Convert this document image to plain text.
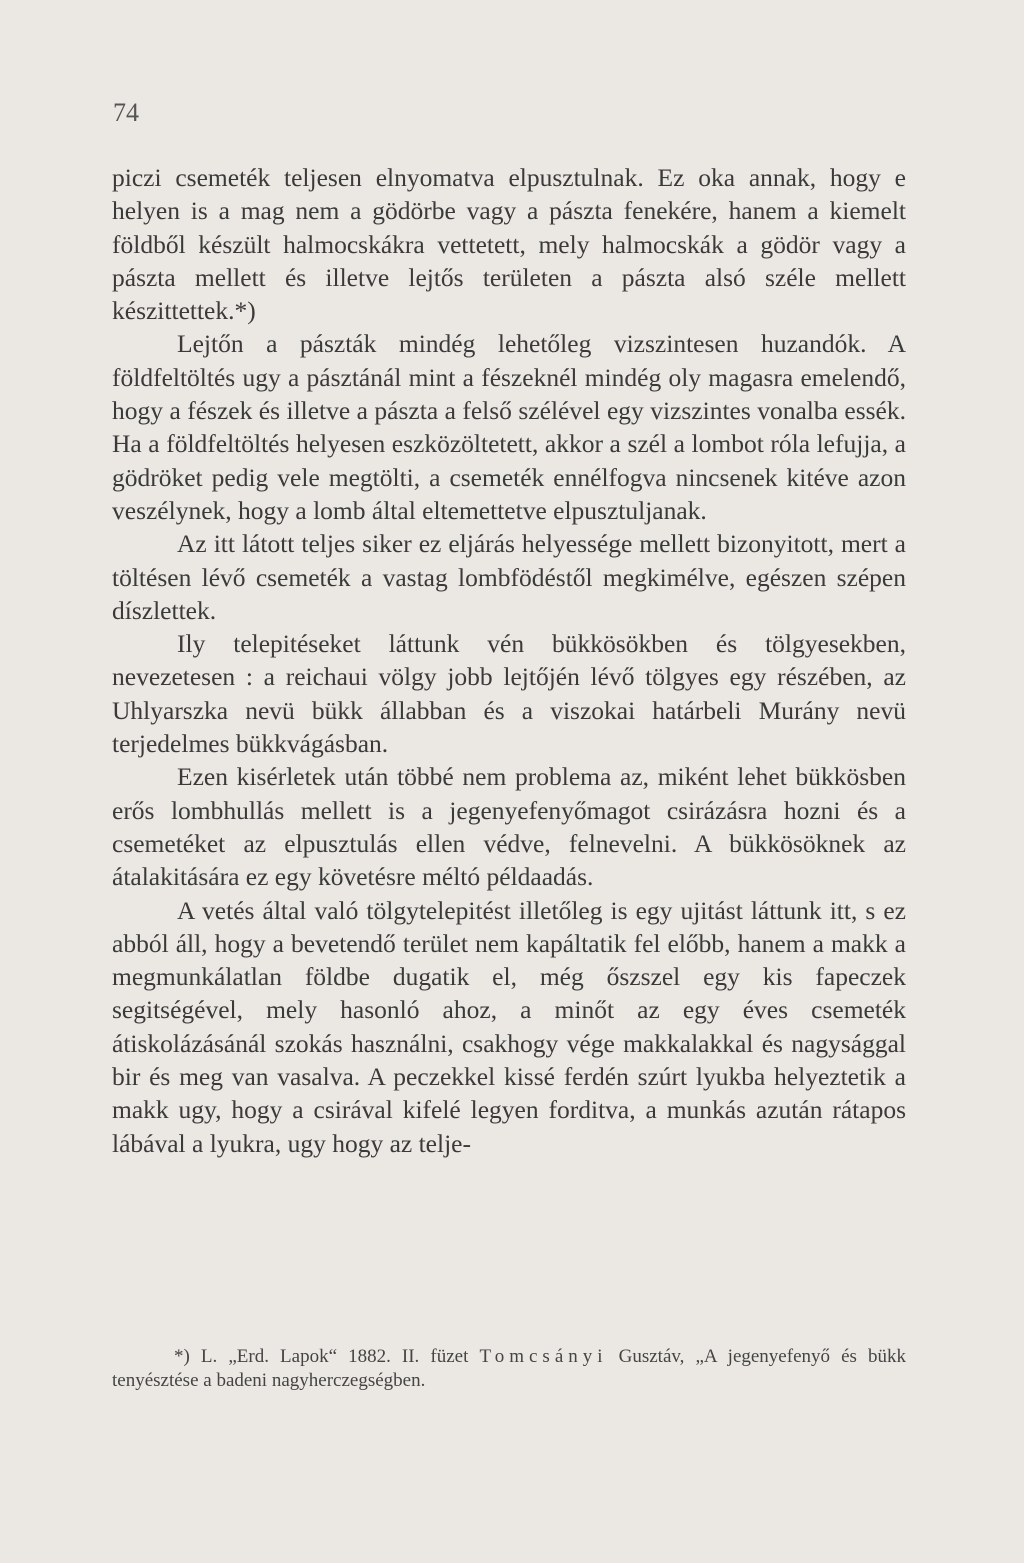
74

piczi csemeték teljesen elnyomatva elpusztulnak. Ez oka annak, hogy e helyen is a mag nem a gödörbe vagy a pászta fenekére, hanem a kiemelt földből készült halmocskákra vettetett, mely halmocskák a gödör vagy a pászta mellett és illetve lejtős területen a pászta alsó széle mellett készittettek.*)

Lejtőn a pászták mindég lehetőleg vizszintesen huzandók. A földfeltöltés ugy a pásztánál mint a fészeknél mindég oly magasra emelendő, hogy a fészek és illetve a pászta a felső szélével egy vizszintes vonalba essék. Ha a földfeltöltés helyesen eszközöltetett, akkor a szél a lombot róla lefujja, a gödröket pedig vele megtölti, a csemeték ennélfogva nincsenek kitéve azon veszélynek, hogy a lomb által eltemettetve elpusztuljanak.

Az itt látott teljes siker ez eljárás helyessége mellett bizonyitott, mert a töltésen lévő csemeték a vastag lombfödéstől megkimélve, egészen szépen díszlettek.

Ily telepitéseket láttunk vén bükkösökben és tölgyesekben, nevezetesen : a reichaui völgy jobb lejtőjén lévő tölgyes egy részében, az Uhlyarszka nevü bükk állabban és a viszokai határbeli Murány nevü terjedelmes bükkvágásban.

Ezen kisérletek után többé nem problema az, miként lehet bükkösben erős lombhullás mellett is a jegenyefenyőmagot csirázásra hozni és a csemetéket az elpusztulás ellen védve, felnevelni. A bükkösöknek az átalakitására ez egy követésre méltó példaadás.

A vetés által való tölgytelepitést illetőleg is egy ujitást láttunk itt, s ez abból áll, hogy a bevetendő terület nem kapáltatik fel előbb, hanem a makk a megmunkálatlan földbe dugatik el, még őszszel egy kis fapeczek segitségével, mely hasonló ahoz, a minőt az egy éves csemeték átiskolázásánál szokás használni, csakhogy vége makkalakkal és nagysággal bir és meg van vasalva. A peczekkel kissé ferdén szúrt lyukba helyeztetik a makk ugy, hogy a csirával kifelé legyen forditva, a munkás azután rátapos lábával a lyukra, ugy hogy az telje-

*) L. „Erd. Lapok“ 1882. II. füzet Tomcsányi Gusztáv, „A jegenyefenyő és bükk tenyésztése a badeni nagyherczegségben.
